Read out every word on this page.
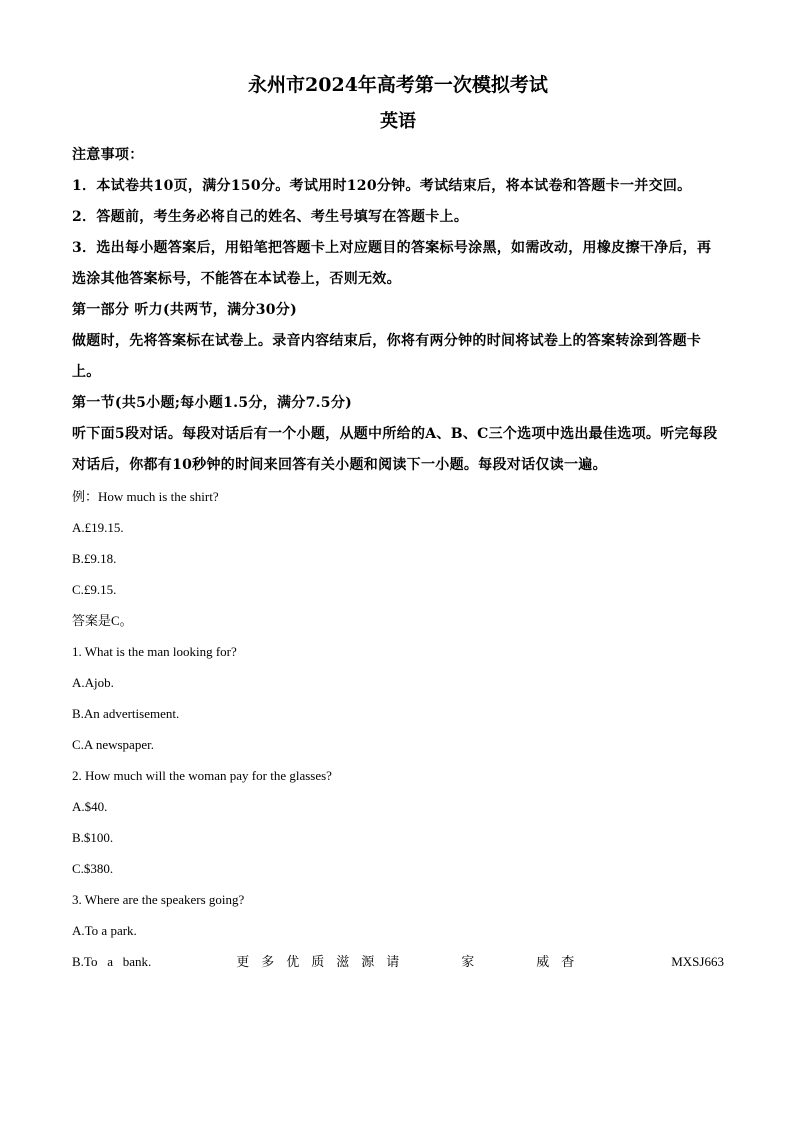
永州市2024年高考第一次模拟考试

英语

注意事项：

1．本试卷共10页，满分150分。考试用时120分钟。考试结束后，将本试卷和答题卡一并交回。

2．答题前，考生务必将自己的姓名、考生号填写在答题卡上。

3．选出每小题答案后，用铅笔把答题卡上对应题目的答案标号涂黑，如需改动，用橡皮擦干净后，再选涂其他答案标号，不能答在本试卷上，否则无效。

第一部分 听力(共两节，满分30分)

做题时，先将答案标在试卷上。录音内容结束后，你将有两分钟的时间将试卷上的答案转涂到答题卡上。

第一节(共5小题;每小题1.5分，满分7.5分)

听下面5段对话。每段对话后有一个小题，从题中所给的A、B、C三个选项中选出最佳选项。听完每段对话后，你都有10秒钟的时间来回答有关小题和阅读下一小题。每段对话仅读一遍。

例：How much is the shirt?

A.£19.15.

B.£9.18.

C.£9.15.

答案是C。

1. What is the man looking for?

A.Ajob.

B.An advertisement.

C.A newspaper.

2. How much will the woman pay for the glasses?

A.$40.

B.$100.

C.$380.

3. Where are the speakers going?

A.To a park.

B.To   a   bank.	更多优质滋源请	家	威杳	MXSJ663
